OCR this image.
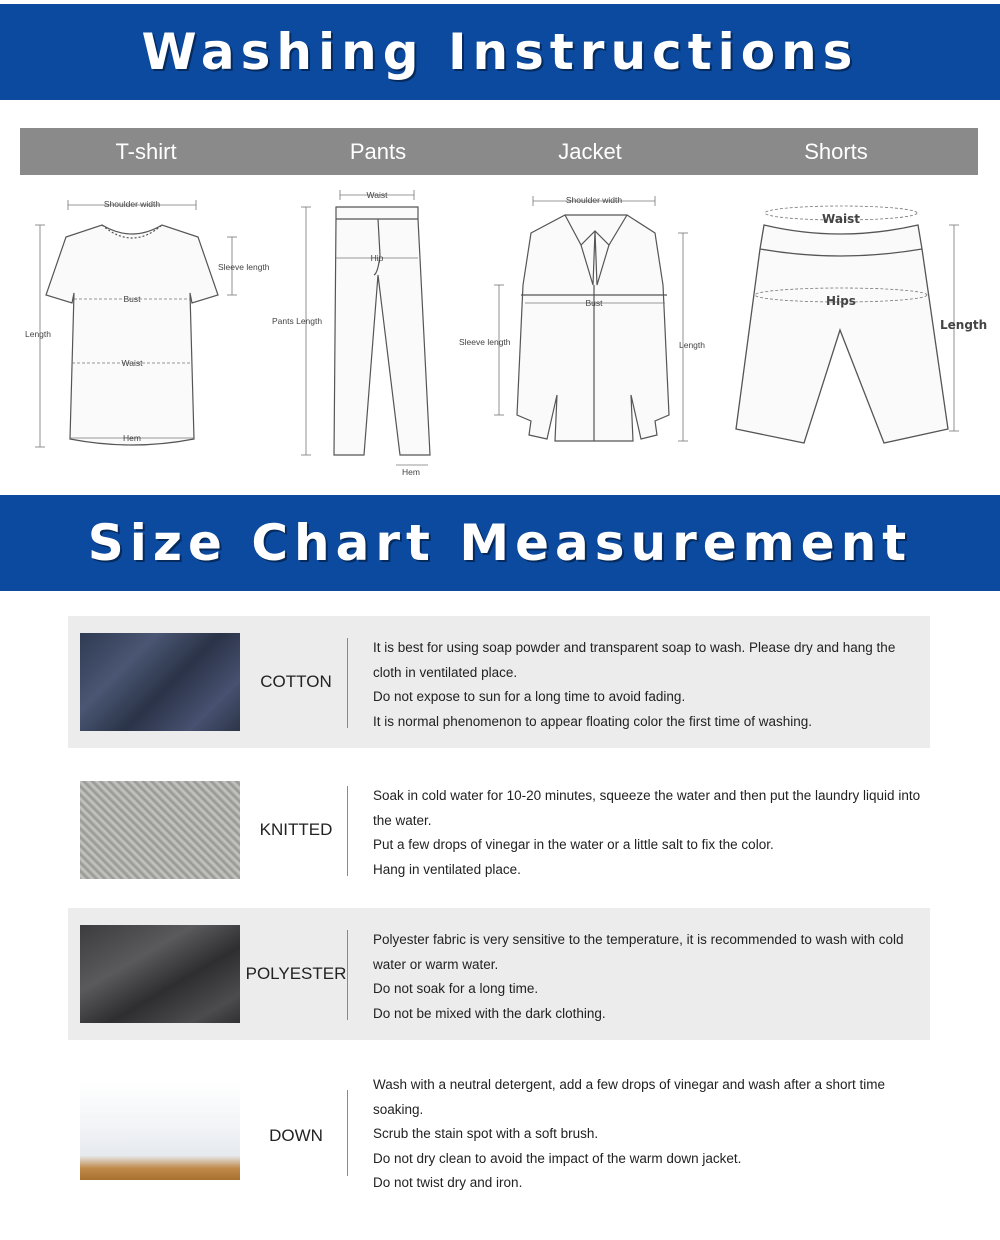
Washing Instructions
T-shirt	Pants	Jacket	Shorts
Shoulder width
Sleeve length
Bust
Length
Waist
Hem
Waist
Hip
Pants Length
Hem
Shoulder width
Bust
Sleeve length	Length
Waist
Hips
Length
Size Chart Measurement
COTTON

It is best for using soap powder and transparent soap to wash. Please dry and hang the cloth in ventilated place.

Do not expose to sun for a long time to avoid fading.

It is normal phenomenon to appear floating color the first time of washing.

KNITTED

Soak in cold water for 10-20 minutes, squeeze the water and then put the laundry liquid into the water.

Put a few drops of vinegar in the water or a little salt to fix the color.

Hang in ventilated place.

POLYESTER

Polyester fabric is very sensitive to the temperature, it is recommended to wash with cold water or warm water.

Do not soak for a long time.

Do not be mixed with the dark clothing.

DOWN

Wash with a neutral detergent, add a few drops of vinegar and wash after a short time soaking.

Scrub the stain spot with a soft brush.

Do not dry clean to avoid the impact of the warm down jacket.

Do not twist dry and iron.
